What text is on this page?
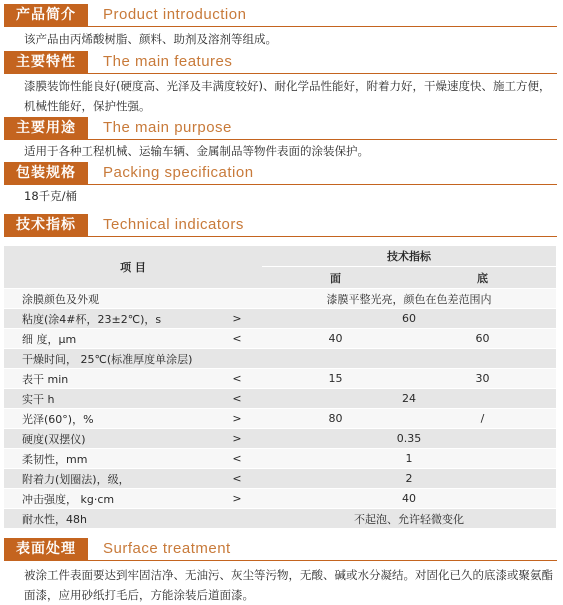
产品简介	Product introduction
该产品由丙烯酸树脂、颜料、助剂及溶剂等组成。
主要特性	The main features
漆膜装饰性能良好(硬度高、光泽及丰满度较好)、耐化学品性能好，附着力好，干燥速度快、施工方便，机械性能好，保护性强。
主要用途	The main purpose
适用于各种工程机械、运输车辆、金属制品等物件表面的涂装保护。
包装规格	Packing specification
18千克/桶
技术指标	Technical indicators
项 目		技术指标	
		面	底
涂膜颜色及外观		漆膜平整光亮，颜色在色差范围内	
粘度(涂4#杯，23±2℃)，s	>	60	
细 度，μm	<	40	60
干燥时间， 25℃(标准厚度单涂层)			
表干 min	<	15	30
实干 h	<	24	
光泽(60°)，%	>	80	/
硬度(双摆仪)	>	0.35	
柔韧性，mm	<	1	
附着力(划圈法)，级，	<	2	
冲击强度， kg·cm	>	40	
耐水性，48h		不起泡、允许轻微变化	
表面处理	Surface treatment
被涂工件表面要达到牢固洁净、无油污、灰尘等污物，无酸、碱或水分凝结。对固化已久的底漆或聚氨酯面漆，应用砂纸打毛后，方能涂装后道面漆。
